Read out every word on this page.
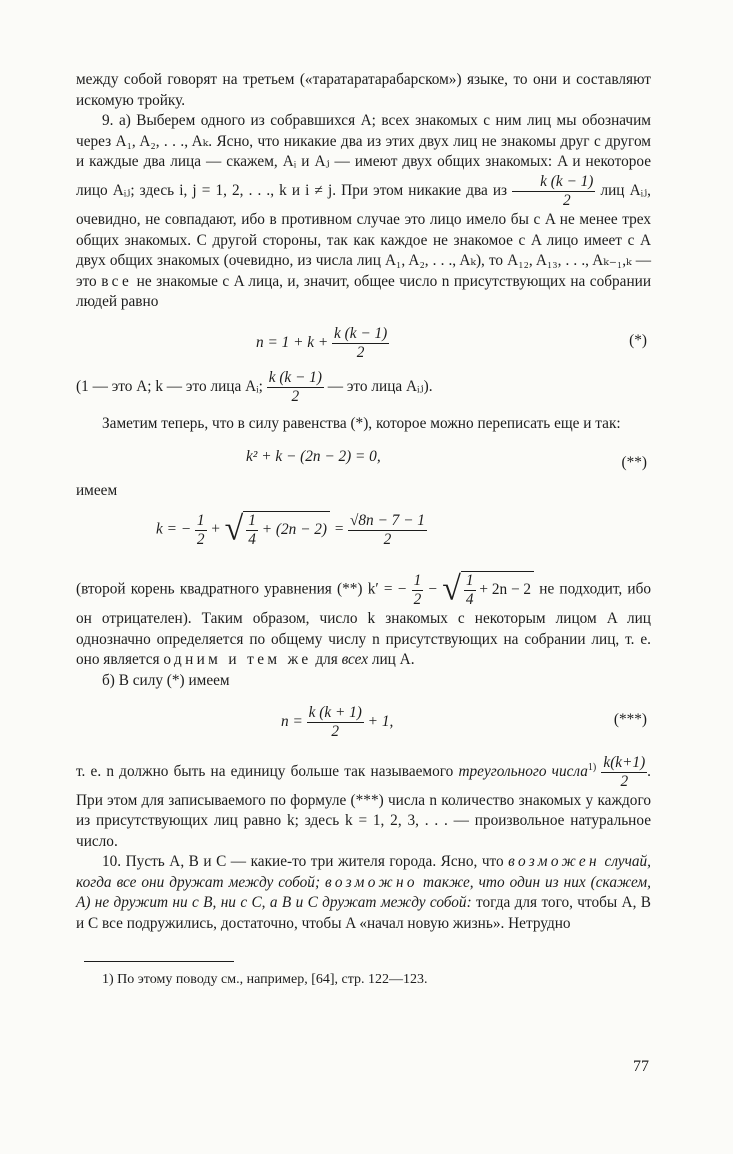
между собой говорят на третьем («таратаратарабарском») языке, то они и составляют искомую тройку.

9. а) Выберем одного из собравшихся A; всех знакомых с ним лиц мы обозначим через A₁, A₂, . . ., Aₖ. Ясно, что никакие два из этих двух лиц не знакомы друг с другом и каждые два лица — скажем, Aᵢ и Aⱼ — имеют двух общих знакомых: A и некоторое лицо Aᵢⱼ; здесь i, j = 1, 2, . . ., k и i ≠ j. При этом никакие два из $\frac{k (k - 1)}{2}$ лиц Aᵢⱼ, очевидно, не совпадают, ибо в противном случае это лицо имело бы с A не менее трех общих знакомых. С другой стороны, так как каждое не знакомое с A лицо имеет с A двух общих знакомых (очевидно, из числа лиц A₁, A₂, . . ., Aₖ), то A₁₂, A₁₃, . . ., Aₖ₋₁,ₖ — это все не знакомые с A лица, и, значит, общее число n присутствующих на собрании людей равно

$n = 1 + k + \frac{k (k - 1)}{2}$	(*)

(1 — это A; k — это лица Aᵢ; $\frac{k (k - 1)}{2}$ — это лица Aᵢⱼ).

Заметим теперь, что в силу равенства (*), которое можно переписать еще и так:

k² + k − (2n − 2) = 0,	(**)

имеем

k = − $\frac{1}{2}$ + √ $\frac{1}{4} + (2n - 2) = \frac{√8n - 7 - 1}{2}$

(второй корень квадратного уравнения (**) k′ = − $\frac{1}{2}$ − √ $\frac{1}{4} + 2n - 2$ не подходит, ибо он отрицателен). Таким образом, число k знакомых с некоторым лицом A лиц однозначно определяется по общему числу n присутствующих на собрании лиц, т. е. оно является одним и тем же для всех лиц A.

б) В силу (*) имеем

$n = \frac{k (k + 1)}{2} + 1$,	(***)

т. е. n должно быть на единицу больше так называемого треугольного числа$^{1)}$ $\frac{k(k+1)}{2}$ . При этом для записываемого по формуле (***) числа n количество знакомых у каждого из присутствующих лиц равно k; здесь k = 1, 2, 3, . . . — произвольное натуральное число.

10. Пусть A, B и C — какие-то три жителя города. Ясно, что возможен случай, когда все они дружат между собой; возможно также, что один из них (скажем, A) не дружит ни с B, ни с C, а B и C дружат между собой: тогда для того, чтобы A, B и C все подружились, достаточно, чтобы A «начал новую жизнь». Нетрудно

1) По этому поводу см., например, [64], стр. 122—123.

77
